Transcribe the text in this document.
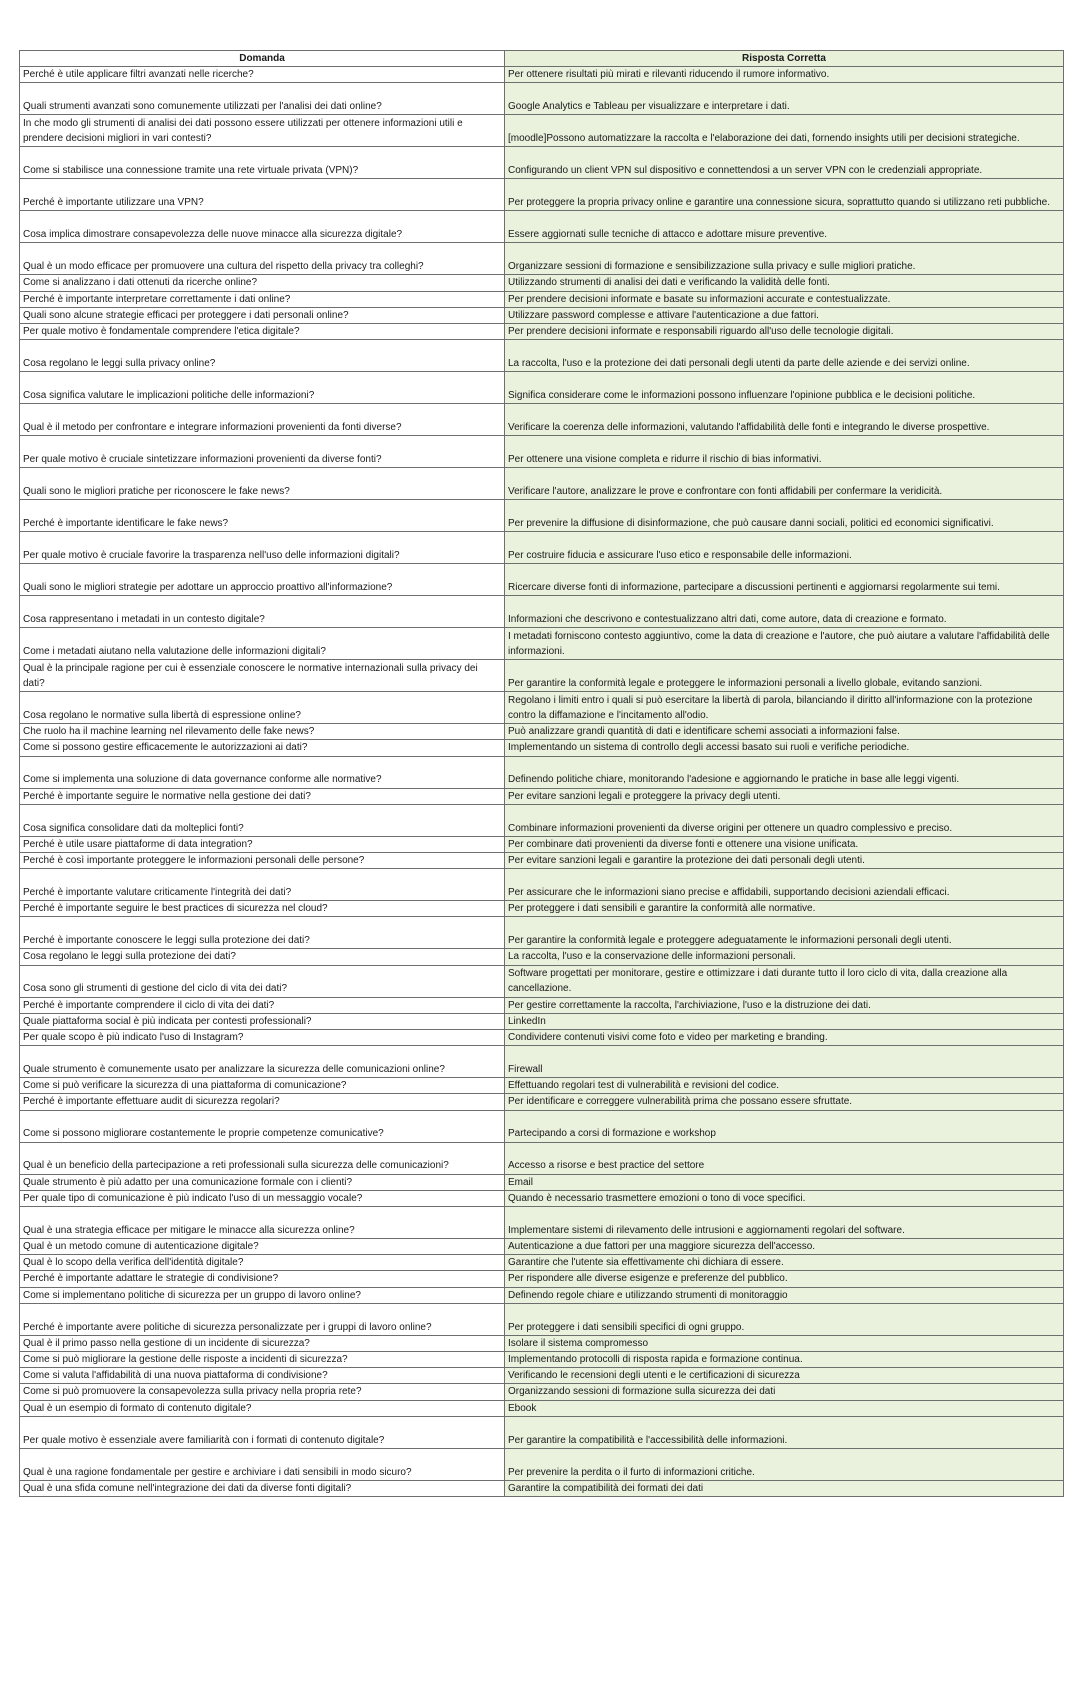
Domanda	Risposta Corretta
Perché è utile applicare filtri avanzati nelle ricerche?	Per ottenere risultati più mirati e rilevanti riducendo il rumore informativo.
Quali strumenti avanzati sono comunemente utilizzati per l'analisi dei dati online?	Google Analytics e Tableau per visualizzare e interpretare i dati.
In che modo gli strumenti di analisi dei dati possono essere utilizzati per ottenere informazioni utili e prendere decisioni migliori in vari contesti?	[moodle]Possono automatizzare la raccolta e l'elaborazione dei dati, fornendo insights utili per decisioni strategiche.
Come si stabilisce una connessione tramite una rete virtuale privata (VPN)?	Configurando un client VPN sul dispositivo e connettendosi a un server VPN con le credenziali appropriate.
Perché è importante utilizzare una VPN?	Per proteggere la propria privacy online e garantire una connessione sicura, soprattutto quando si utilizzano reti pubbliche.
Cosa implica dimostrare consapevolezza delle nuove minacce alla sicurezza digitale?	Essere aggiornati sulle tecniche di attacco e adottare misure preventive.
Qual è un modo efficace per promuovere una cultura del rispetto della privacy tra colleghi?	Organizzare sessioni di formazione e sensibilizzazione sulla privacy e sulle migliori pratiche.
Come si analizzano i dati ottenuti da ricerche online?	Utilizzando strumenti di analisi dei dati e verificando la validità delle fonti.
Perché è importante interpretare correttamente i dati online?	Per prendere decisioni informate e basate su informazioni accurate e contestualizzate.
Quali sono alcune strategie efficaci per proteggere i dati personali online?	Utilizzare password complesse e attivare l'autenticazione a due fattori.
Per quale motivo è fondamentale comprendere l'etica digitale?	Per prendere decisioni informate e responsabili riguardo all'uso delle tecnologie digitali.
Cosa regolano le leggi sulla privacy online?	La raccolta, l'uso e la protezione dei dati personali degli utenti da parte delle aziende e dei servizi online.
Cosa significa valutare le implicazioni politiche delle informazioni?	Significa considerare come le informazioni possono influenzare l'opinione pubblica e le decisioni politiche.
Qual è il metodo per confrontare e integrare informazioni provenienti da fonti diverse?	Verificare la coerenza delle informazioni, valutando l'affidabilità delle fonti e integrando le diverse prospettive.
Per quale motivo è cruciale sintetizzare informazioni provenienti da diverse fonti?	Per ottenere una visione completa e ridurre il rischio di bias informativi.
Quali sono le migliori pratiche per riconoscere le fake news?	Verificare l'autore, analizzare le prove e confrontare con fonti affidabili per confermare la veridicità.
Perché è importante identificare le fake news?	Per prevenire la diffusione di disinformazione, che può causare danni sociali, politici ed economici significativi.
Per quale motivo è cruciale favorire la trasparenza nell'uso delle informazioni digitali?	Per costruire fiducia e assicurare l'uso etico e responsabile delle informazioni.
Quali sono le migliori strategie per adottare un approccio proattivo all'informazione?	Ricercare diverse fonti di informazione, partecipare a discussioni pertinenti e aggiornarsi regolarmente sui temi.
Cosa rappresentano i metadati in un contesto digitale?	Informazioni che descrivono e contestualizzano altri dati, come autore, data di creazione e formato.
Come i metadati aiutano nella valutazione delle informazioni digitali?	I metadati forniscono contesto aggiuntivo, come la data di creazione e l'autore, che può aiutare a valutare l'affidabilità delle informazioni.
Qual è la principale ragione per cui è essenziale conoscere le normative internazionali sulla privacy dei dati?	Per garantire la conformità legale e proteggere le informazioni personali a livello globale, evitando sanzioni.
Cosa regolano le normative sulla libertà di espressione online?	Regolano i limiti entro i quali si può esercitare la libertà di parola, bilanciando il diritto all'informazione con la protezione contro la diffamazione e l'incitamento all'odio.
Che ruolo ha il machine learning nel rilevamento delle fake news?	Può analizzare grandi quantità di dati e identificare schemi associati a informazioni false.
Come si possono gestire efficacemente le autorizzazioni ai dati?	Implementando un sistema di controllo degli accessi basato sui ruoli e verifiche periodiche.
Come si implementa una soluzione di data governance conforme alle normative?	Definendo politiche chiare, monitorando l'adesione e aggiornando le pratiche in base alle leggi vigenti.
Perché è importante seguire le normative nella gestione dei dati?	Per evitare sanzioni legali e proteggere la privacy degli utenti.
Cosa significa consolidare dati da molteplici fonti?	Combinare informazioni provenienti da diverse origini per ottenere un quadro complessivo e preciso.
Perché è utile usare piattaforme di data integration?	Per combinare dati provenienti da diverse fonti e ottenere una visione unificata.
Perché è così importante proteggere le informazioni personali delle persone?	Per evitare sanzioni legali e garantire la protezione dei dati personali degli utenti.
Perché è importante valutare criticamente l'integrità dei dati?	Per assicurare che le informazioni siano precise e affidabili, supportando decisioni aziendali efficaci.
Perché è importante seguire le best practices di sicurezza nel cloud?	Per proteggere i dati sensibili e garantire la conformità alle normative.
Perché è importante conoscere le leggi sulla protezione dei dati?	Per garantire la conformità legale e proteggere adeguatamente le informazioni personali degli utenti.
Cosa regolano le leggi sulla protezione dei dati?	La raccolta, l'uso e la conservazione delle informazioni personali.
Cosa sono gli strumenti di gestione del ciclo di vita dei dati?	Software progettati per monitorare, gestire e ottimizzare i dati durante tutto il loro ciclo di vita, dalla creazione alla cancellazione.
Perché è importante comprendere il ciclo di vita dei dati?	Per gestire correttamente la raccolta, l'archiviazione, l'uso e la distruzione dei dati.
Quale piattaforma social è più indicata per contesti professionali?	LinkedIn
Per quale scopo è più indicato l'uso di Instagram?	Condividere contenuti visivi come foto e video per marketing e branding.
Quale strumento è comunemente usato per analizzare la sicurezza delle comunicazioni online?	Firewall
Come si può verificare la sicurezza di una piattaforma di comunicazione?	Effettuando regolari test di vulnerabilità e revisioni del codice.
Perché è importante effettuare audit di sicurezza regolari?	Per identificare e correggere vulnerabilità prima che possano essere sfruttate.
Come si possono migliorare costantemente le proprie competenze comunicative?	Partecipando a corsi di formazione e workshop
Qual è un beneficio della partecipazione a reti professionali sulla sicurezza delle comunicazioni?	Accesso a risorse e best practice del settore
Quale strumento è più adatto per una comunicazione formale con i clienti?	Email
Per quale tipo di comunicazione è più indicato l'uso di un messaggio vocale?	Quando è necessario trasmettere emozioni o tono di voce specifici.
Qual è una strategia efficace per mitigare le minacce alla sicurezza online?	Implementare sistemi di rilevamento delle intrusioni e aggiornamenti regolari del software.
Qual è un metodo comune di autenticazione digitale?	Autenticazione a due fattori per una maggiore sicurezza dell'accesso.
Qual è lo scopo della verifica dell'identità digitale?	Garantire che l'utente sia effettivamente chi dichiara di essere.
Perché è importante adattare le strategie di condivisione?	Per rispondere alle diverse esigenze e preferenze del pubblico.
Come si implementano politiche di sicurezza per un gruppo di lavoro online?	Definendo regole chiare e utilizzando strumenti di monitoraggio
Perché è importante avere politiche di sicurezza personalizzate per i gruppi di lavoro online?	Per proteggere i dati sensibili specifici di ogni gruppo.
Qual è il primo passo nella gestione di un incidente di sicurezza?	Isolare il sistema compromesso
Come si può migliorare la gestione delle risposte a incidenti di sicurezza?	Implementando protocolli di risposta rapida e formazione continua.
Come si valuta l'affidabilità di una nuova piattaforma di condivisione?	Verificando le recensioni degli utenti e le certificazioni di sicurezza
Come si può promuovere la consapevolezza sulla privacy nella propria rete?	Organizzando sessioni di formazione sulla sicurezza dei dati
Qual è un esempio di formato di contenuto digitale?	Ebook
Per quale motivo è essenziale avere familiarità con i formati di contenuto digitale?	Per garantire la compatibilità e l'accessibilità delle informazioni.
Qual è una ragione fondamentale per gestire e archiviare i dati sensibili in modo sicuro?	Per prevenire la perdita o il furto di informazioni critiche.
Qual è una sfida comune nell'integrazione dei dati da diverse fonti digitali?	Garantire la compatibilità dei formati dei dati
